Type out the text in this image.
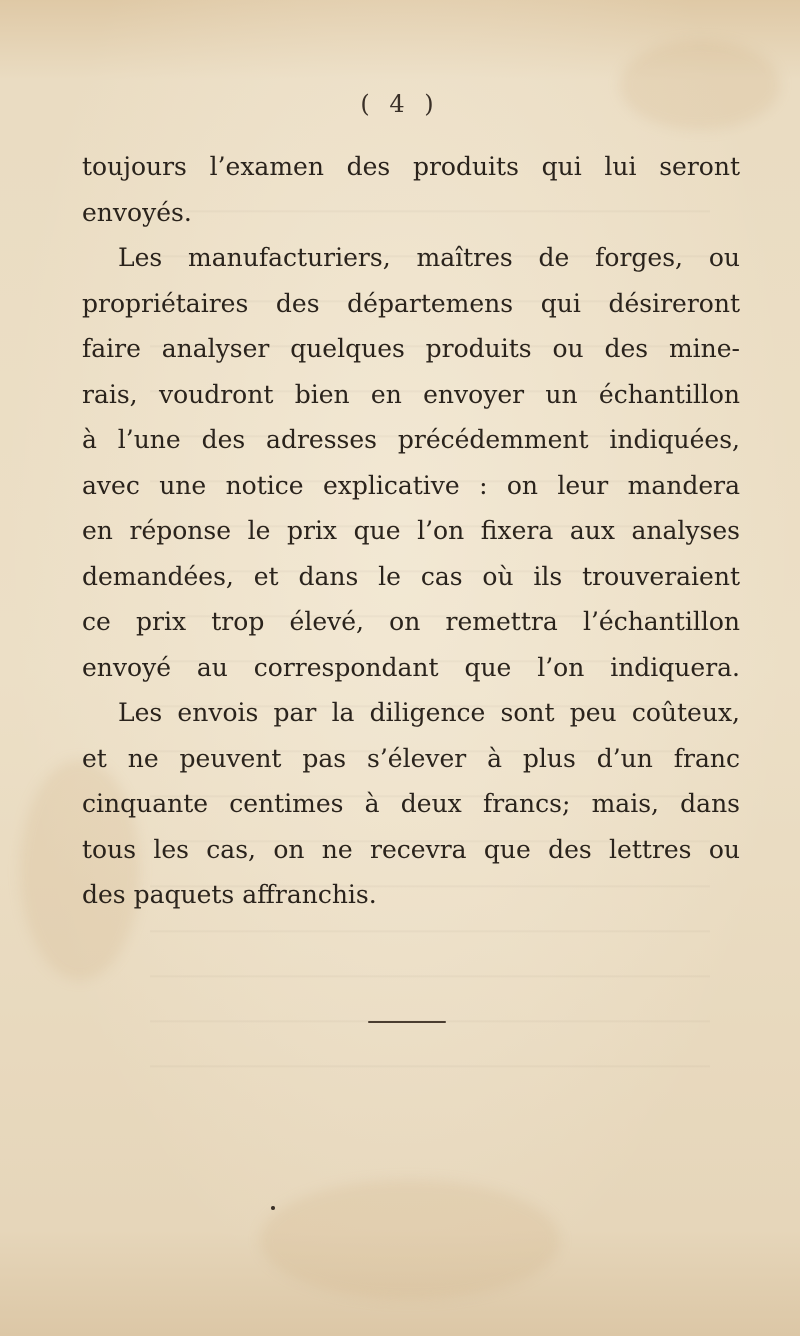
( 4 )
toujours l’examen des produits qui lui seront
envoyés.
Les manufacturiers, maîtres de forges, ou
propriétaires des départemens qui désireront
faire analyser quelques produits ou des mine-
rais, voudront bien en envoyer un échantillon
à l’une des adresses précédemment indiquées,
avec une notice explicative : on leur mandera
en réponse le prix que l’on fixera aux analyses
demandées, et dans le cas où ils trouveraient
ce prix trop élevé, on remettra l’échantillon
envoyé au correspondant que l’on indiquera.
Les envois par la diligence sont peu coûteux,
et ne peuvent pas s’élever à plus d’un franc
cinquante centimes à deux francs; mais, dans
tous les cas, on ne recevra que des lettres ou
des paquets affranchis.
